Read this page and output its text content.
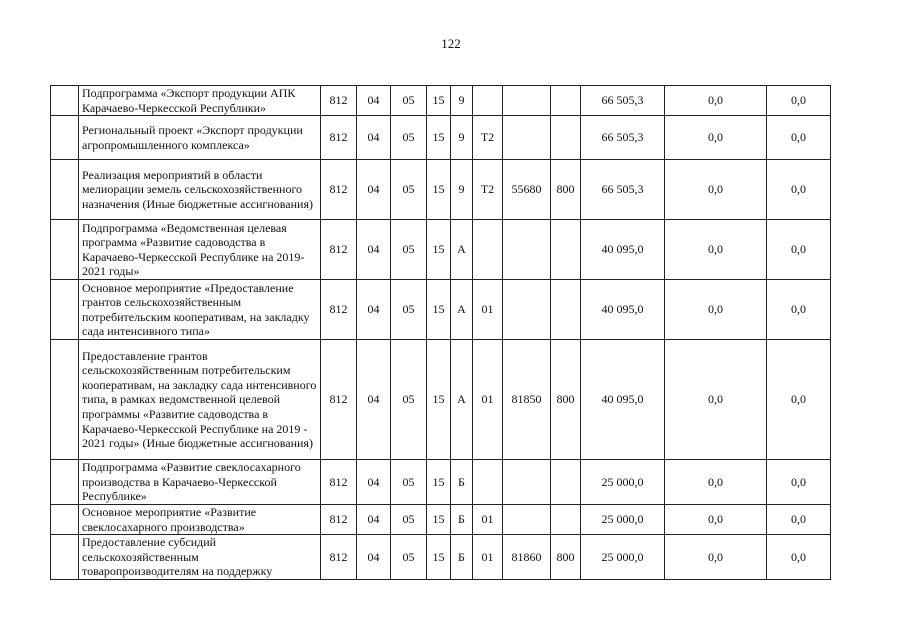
122
	Подпрограмма «Экспорт продукции АПК Карачаево-Черкесской Республики»	812	04	05	15	9				66 505,3	0,0	0,0
	Региональный проект «Экспорт продукции агропромышленного комплекса»	812	04	05	15	9	T2			66 505,3	0,0	0,0
	Реализация мероприятий в области мелиорации земель сельскохозяйственного назначения (Иные бюджетные ассигнования)	812	04	05	15	9	T2	55680	800	66 505,3	0,0	0,0
	Подпрограмма «Ведомственная целевая программа «Развитие садоводства в Карачаево-Черкесской Республике на 2019-2021 годы»	812	04	05	15	А				40 095,0	0,0	0,0
	Основное мероприятие «Предоставление грантов сельскохозяйственным потребительским кооперативам, на закладку сада интенсивного типа»	812	04	05	15	А	01			40 095,0	0,0	0,0
	Предоставление грантов сельскохозяйственным потребительским кооперативам, на закладку сада интенсивного типа, в рамках ведомственной целевой программы «Развитие садоводства в Карачаево-Черкесской Республике на 2019 - 2021 годы» (Иные бюджетные ассигнования)	812	04	05	15	А	01	81850	800	40 095,0	0,0	0,0
	Подпрограмма «Развитие свеклосахарного производства в Карачаево-Черкесской Республике»	812	04	05	15	Б				25 000,0	0,0	0,0
	Основное мероприятие «Развитие свеклосахарного производства»	812	04	05	15	Б	01			25 000,0	0,0	0,0
	Предоставление субсидий сельскохозяйственным товаропроизводителям на поддержку	812	04	05	15	Б	01	81860	800	25 000,0	0,0	0,0
